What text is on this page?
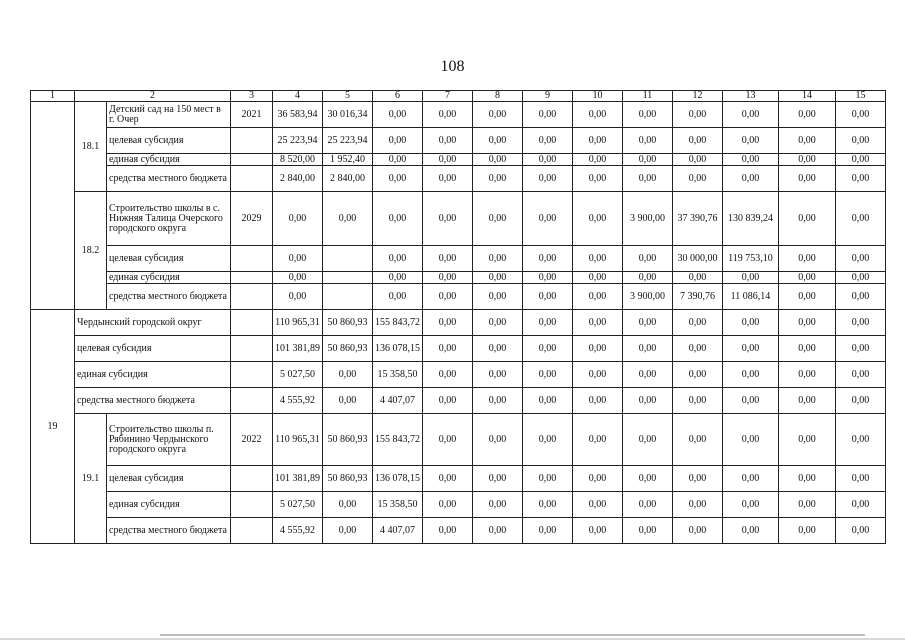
108
1	2		3	4	5	6	7	8	9	10	11	12	13	14	15
	18.1	Детский сад на 150 мест в г. Очер	2021	36 583,94	30 016,34	0,00	0,00	0,00	0,00	0,00	0,00	0,00	0,00	0,00	0,00
		целевая субсидия		25 223,94	25 223,94	0,00	0,00	0,00	0,00	0,00	0,00	0,00	0,00	0,00	0,00
		единая субсидия		8 520,00	1 952,40	0,00	0,00	0,00	0,00	0,00	0,00	0,00	0,00	0,00	0,00
		средства местного бюджета		2 840,00	2 840,00	0,00	0,00	0,00	0,00	0,00	0,00	0,00	0,00	0,00	0,00
	18.2	Строительство школы в с. Нижняя Талица Очерского городского округа	2029	0,00	0,00	0,00	0,00	0,00	0,00	0,00	3 900,00	37 390,76	130 839,24	0,00	0,00
		целевая субсидия		0,00		0,00	0,00	0,00	0,00	0,00	0,00	30 000,00	119 753,10	0,00	0,00
		единая субсидия		0,00		0,00	0,00	0,00	0,00	0,00	0,00	0,00	0,00	0,00	0,00
		средства местного бюджета		0,00		0,00	0,00	0,00	0,00	0,00	3 900,00	7 390,76	11 086,14	0,00	0,00
19	Чердынский городской округ			110 965,31	50 860,93	155 843,72	0,00	0,00	0,00	0,00	0,00	0,00	0,00	0,00	0,00
	целевая субсидия			101 381,89	50 860,93	136 078,15	0,00	0,00	0,00	0,00	0,00	0,00	0,00	0,00	0,00
	единая субсидия			5 027,50	0,00	15 358,50	0,00	0,00	0,00	0,00	0,00	0,00	0,00	0,00	0,00
	средства местного бюджета			4 555,92	0,00	4 407,07	0,00	0,00	0,00	0,00	0,00	0,00	0,00	0,00	0,00
	19.1	Строительство школы п. Рябинино Чердынского городского округа	2022	110 965,31	50 860,93	155 843,72	0,00	0,00	0,00	0,00	0,00	0,00	0,00	0,00	0,00
		целевая субсидия		101 381,89	50 860,93	136 078,15	0,00	0,00	0,00	0,00	0,00	0,00	0,00	0,00	0,00
		единая субсидия		5 027,50	0,00	15 358,50	0,00	0,00	0,00	0,00	0,00	0,00	0,00	0,00	0,00
		средства местного бюджета		4 555,92	0,00	4 407,07	0,00	0,00	0,00	0,00	0,00	0,00	0,00	0,00	0,00
